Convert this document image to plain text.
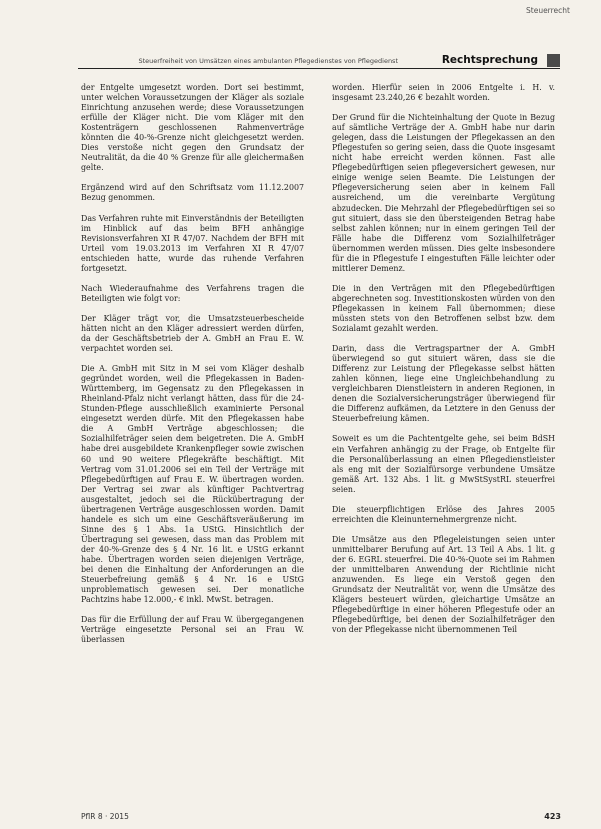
Steuerrecht
Steuerfreiheit von Umsätzen eines ambulanten Pflegedienstes von Pflegedienst	Rechtsprechung

der Entgelte umgesetzt worden. Dort sei bestimmt, unter welchen Voraussetzungen der Kläger als soziale Einrichtung anzusehen werde; diese Voraussetzungen erfülle der Kläger nicht. Die vom Kläger mit den Kostenträgern geschlossenen Rahmenverträge könnten die 40-%-Grenze nicht gleichgesetzt werden. Dies verstoße nicht gegen den Grundsatz der Neutralität, da die 40 % Grenze für alle gleichermaßen gelte.

Ergänzend wird auf den Schriftsatz vom 11.12.2007 Bezug genommen.

Das Verfahren ruhte mit Einverständnis der Beteiligten im Hinblick auf das beim BFH anhängige Revisionsverfahren XI R 47/07. Nachdem der BFH mit Urteil vom 19.03.2013 im Verfahren XI R 47/07 entschieden hatte, wurde das ruhende Verfahren fortgesetzt.

Nach Wiederaufnahme des Verfahrens tragen die Beteiligten wie folgt vor:

Der Kläger trägt vor, die Umsatzsteuerbescheide hätten nicht an den Kläger adressiert werden dürfen, da der Geschäftsbetrieb der A. GmbH an Frau E. W. verpachtet worden sei.

Die A. GmbH mit Sitz in M sei vom Kläger deshalb gegründet worden, weil die Pflegekassen in Baden-Württemberg, im Gegensatz zu den Pflegekassen in Rheinland-Pfalz nicht verlangt hätten, dass für die 24-Stunden-Pflege ausschließlich examinierte Personal eingesetzt werden dürfe. Mit den Pflegekassen habe die A GmbH Verträge abgeschlossen; die Sozialhilfeträger seien dem beigetreten. Die A. GmbH habe drei ausgebildete Krankenpfleger sowie zwischen 60 und 90 weitere Pflegekräfte beschäftigt. Mit Vertrag vom 31.01.2006 sei ein Teil der Verträge mit Pflegebedürftigen auf Frau E. W. übertragen worden. Der Vertrag sei zwar als künftiger Pachtvertrag ausgestaltet, jedoch sei die Rückübertragung der übertragenen Verträge ausgeschlossen worden. Damit handele es sich um eine Geschäftsveräußerung im Sinne des § 1 Abs. 1a UStG. Hinsichtlich der Übertragung sei gewesen, dass man das Problem mit der 40-%-Grenze des § 4 Nr. 16 lit. e UStG erkannt habe. Übertragen worden seien diejenigen Verträge, bei denen die Einhaltung der Anforderungen an die Steuerbefreiung gemäß § 4 Nr. 16 e UStG unproblematisch gewesen sei. Der monatliche Pachtzins habe 12.000,- € inkl. MwSt. betragen.

Das für die Erfüllung der auf Frau W. übergegangenen Verträge eingesetzte Personal sei an Frau W. überlassen

worden. Hierfür seien in 2006 Entgelte i. H. v. insgesamt 23.240,26 € bezahlt worden.

Der Grund für die Nichteinhaltung der Quote in Bezug auf sämtliche Verträge der A. GmbH habe nur darin gelegen, dass die Leistungen der Pflegekassen an den Pflegestufen so gering seien, dass die Quote insgesamt nicht habe erreicht werden können. Fast alle Pflegebedürftigen seien pflegeversichert gewesen, nur einige wenige seien Beamte. Die Leistungen der Pflegeversicherung seien aber in keinem Fall ausreichend, um die vereinbarte Vergütung abzudecken. Die Mehrzahl der Pflegebedürftigen sei so gut situiert, dass sie den übersteigenden Betrag habe selbst zahlen können; nur in einem geringen Teil der Fälle habe die Differenz vom Sozialhilfeträger übernommen werden müssen. Dies gelte insbesondere für die in Pflegestufe I eingestuften Fälle leichter oder mittlerer Demenz.

Die in den Verträgen mit den Pflegebedürftigen abgerechneten sog. Investitionskosten würden von den Pflegekassen in keinem Fall übernommen; diese müssten stets von den Betroffenen selbst bzw. dem Sozialamt gezahlt werden.

Darin, dass die Vertragspartner der A. GmbH überwiegend so gut situiert wären, dass sie die Differenz zur Leistung der Pflegekasse selbst hätten zahlen können, liege eine Ungleichbehandlung zu vergleichbaren Dienstleistern in anderen Regionen, in denen die Sozialversicherungsträger überwiegend für die Differenz aufkämen, da Letztere in den Genuss der Steuerbefreiung kämen.

Soweit es um die Pachtentgelte gehe, sei beim BdSH ein Verfahren anhängig zu der Frage, ob Entgelte für die Personalüberlassung an einen Pflegedienstleister als eng mit der Sozialfürsorge verbundene Umsätze gemäß Art. 132 Abs. 1 lit. g MwStSystRL steuerfrei seien.

Die steuerpflichtigen Erlöse des Jahres 2005 erreichten die Kleinunternehmergrenze nicht.

Die Umsätze aus den Pflegeleistungen seien unter unmittelbarer Berufung auf Art. 13 Teil A Abs. 1 lit. g der 6. EGRL steuerfrei. Die 40-%-Quote sei im Rahmen der unmittelbaren Anwendung der Richtlinie nicht anzuwenden. Es liege ein Verstoß gegen den Grundsatz der Neutralität vor, wenn die Umsätze des Klägers besteuert würden, gleichartige Umsätze an Pflegebedürftige in einer höheren Pflegestufe oder an Pflegebedürftige, bei denen der Sozialhilfeträger den von der Pflegekasse nicht übernommenen Teil

PflR 8 · 2015	423
